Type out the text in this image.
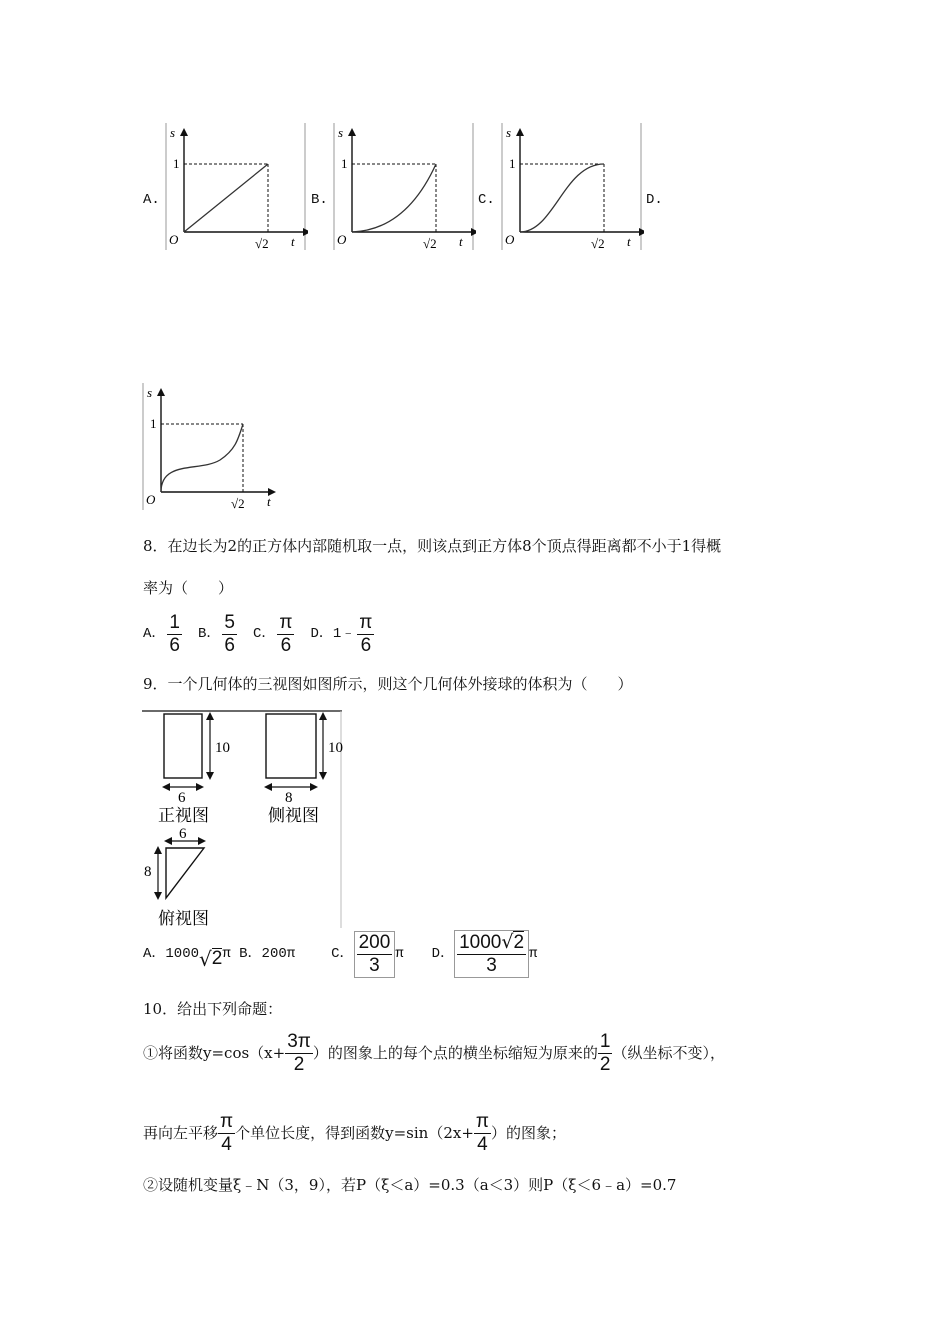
A.	B.	C.	D.
s
1
O	√2 t
s
1
O	√2 t
s
1
O	√2 t
s
1
O	√2 t
8．在边长为2的正方体内部随机取一点，则该点到正方体8个顶点得距离都不小于1得概
率为（　　）
A． $\frac{1}{6}$ B． $\frac{5}{6}$ C． $\frac{\pi}{6}$ D．1﹣ $\frac{\pi}{6}$
9．一个几何体的三视图如图所示，则这个几何体外接球的体积为（　　）
10
6
正视图
10
8
侧视图
6
8
俯视图
A．1000 √ 2 π B．200π	C． $\frac{200}{3}$ π D． $\frac{1000√2}{3}$ π
10．给出下列命题：
①将函数$y=\cos(x+ \frac{3\pi}{2}$ ）的图象上的每个点的横坐标缩短为原来的 $\frac{1}{2}$ （纵坐标不变），
再向左平移 $\frac{\pi}{4}$ 个单位长度，得到函数$y=\sin(2x+ \frac{\pi}{4}$ ）的图象；
②设随机变量ξ﹣N（3，9），若P（ξ＜a）=0.3（a＜3）则P（ξ＜6﹣a）=0.7
